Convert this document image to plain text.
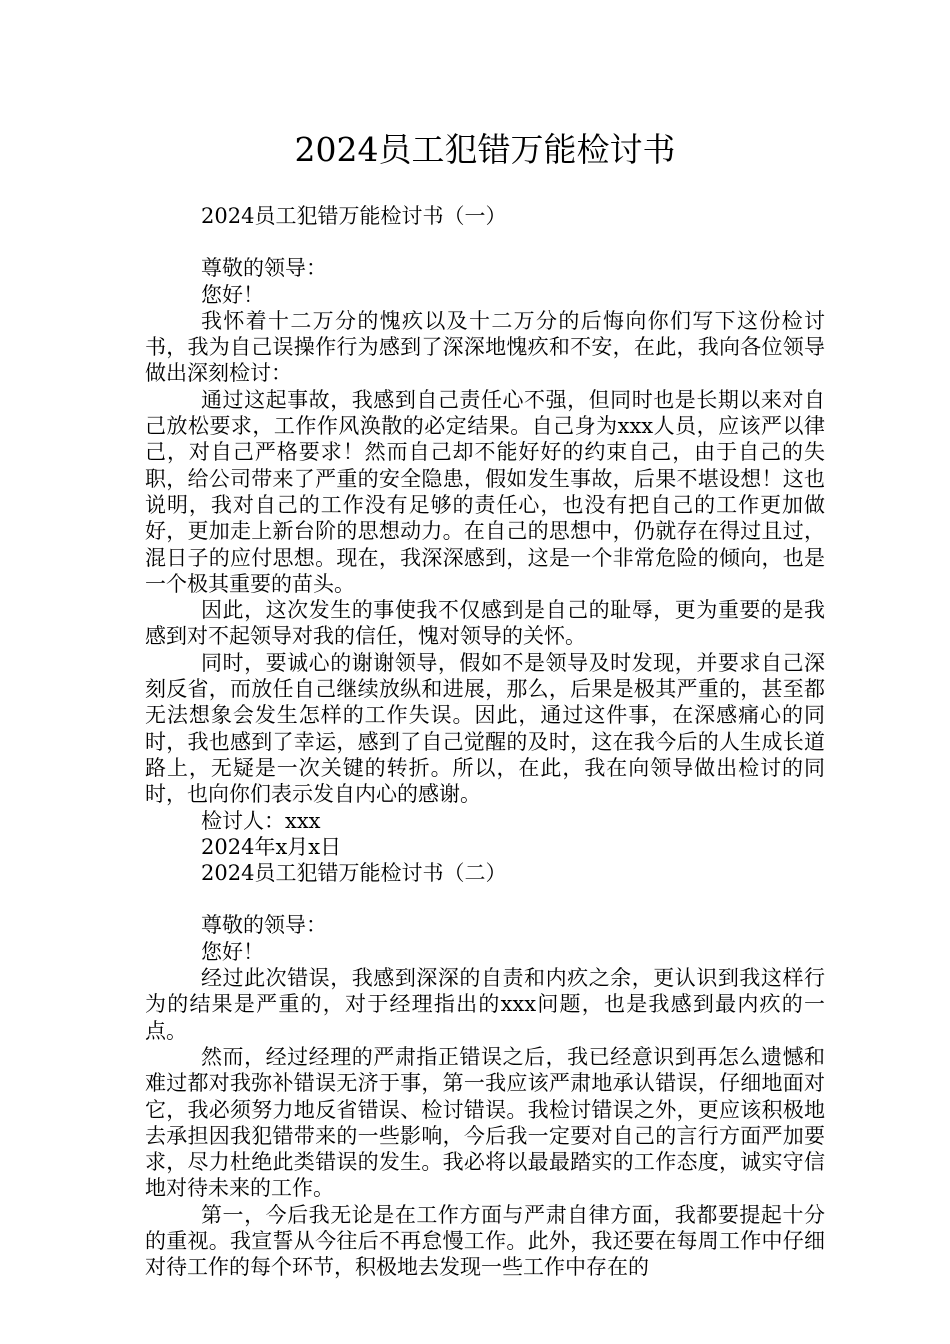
2024员工犯错万能检讨书

2024员工犯错万能检讨书（一）

尊敬的领导：

您好！

我怀着十二万分的愧疚以及十二万分的后悔向你们写下这份检讨书，我为自己误操作行为感到了深深地愧疚和不安，在此，我向各位领导做出深刻检讨：

通过这起事故，我感到自己责任心不强，但同时也是长期以来对自己放松要求，工作作风涣散的必定结果。自己身为xxx人员，应该严以律己，对自己严格要求！然而自己却不能好好的约束自己，由于自己的失职，给公司带来了严重的安全隐患，假如发生事故，后果不堪设想！这也说明，我对自己的工作没有足够的责任心，也没有把自己的工作更加做好，更加走上新台阶的思想动力。在自己的思想中，仍就存在得过且过，混日子的应付思想。现在，我深深感到，这是一个非常危险的倾向，也是一个极其重要的苗头。

因此，这次发生的事使我不仅感到是自己的耻辱，更为重要的是我感到对不起领导对我的信任，愧对领导的关怀。

同时，要诚心的谢谢领导，假如不是领导及时发现，并要求自己深刻反省，而放任自己继续放纵和进展，那么，后果是极其严重的，甚至都无法想象会发生怎样的工作失误。因此，通过这件事，在深感痛心的同时，我也感到了幸运，感到了自己觉醒的及时，这在我今后的人生成长道路上，无疑是一次关键的转折。所以，在此，我在向领导做出检讨的同时，也向你们表示发自内心的感谢。

检讨人：xxx

2024年x月x日

2024员工犯错万能检讨书（二）

尊敬的领导：

您好！

经过此次错误，我感到深深的自责和内疚之余，更认识到我这样行为的结果是严重的，对于经理指出的xxx问题，也是我感到最内疚的一点。

然而，经过经理的严肃指正错误之后，我已经意识到再怎么遗憾和难过都对我弥补错误无济于事，第一我应该严肃地承认错误，仔细地面对它，我必须努力地反省错误、检讨错误。我检讨错误之外，更应该积极地去承担因我犯错带来的一些影响，今后我一定要对自己的言行方面严加要求，尽力杜绝此类错误的发生。我必将以最最踏实的工作态度，诚实守信地对待未来的工作。

第一，今后我无论是在工作方面与严肃自律方面，我都要提起十分的重视。我宣誓从今往后不再怠慢工作。此外，我还要在每周工作中仔细对待工作的每个环节，积极地去发现一些工作中存在的
